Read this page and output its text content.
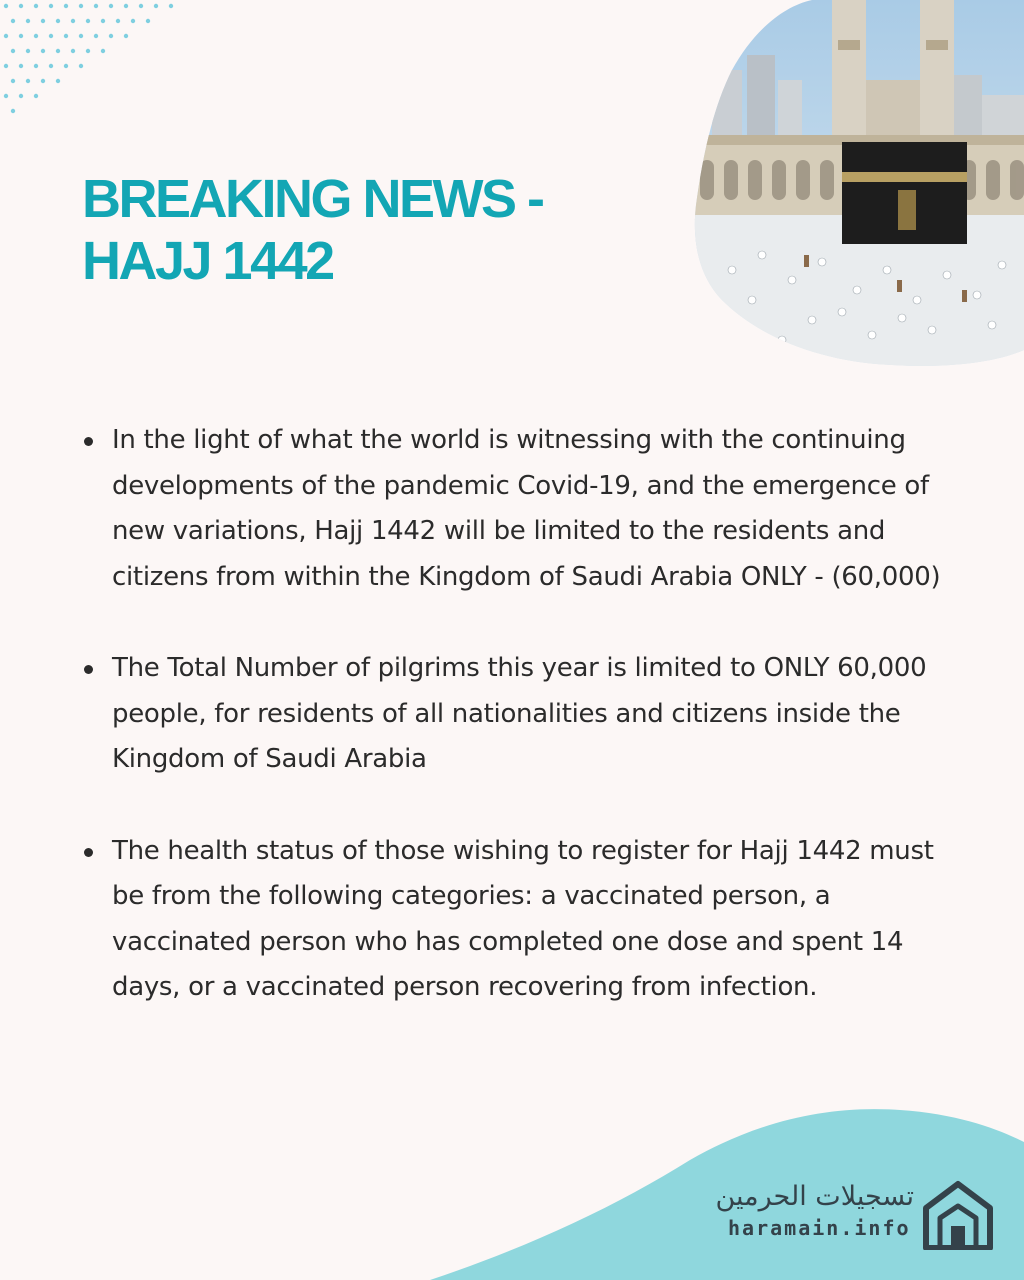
BREAKING NEWS -
HAJJ 1442
In the light of what the world is witnessing with the continuing developments of the pandemic Covid-19, and the emergence of new variations, Hajj 1442 will be limited to the residents and citizens from within the Kingdom of Saudi Arabia ONLY - (60,000)
The Total Number of pilgrims this year is limited to ONLY 60,000 people, for residents of all nationalities and citizens inside the Kingdom of Saudi Arabia
The health status of those wishing to register for Hajj 1442 must be from the following categories: a vaccinated person, a vaccinated person who has completed one dose and spent 14 days, or a vaccinated person recovering from infection.
تسجيلات الحرمين
haramain.info
